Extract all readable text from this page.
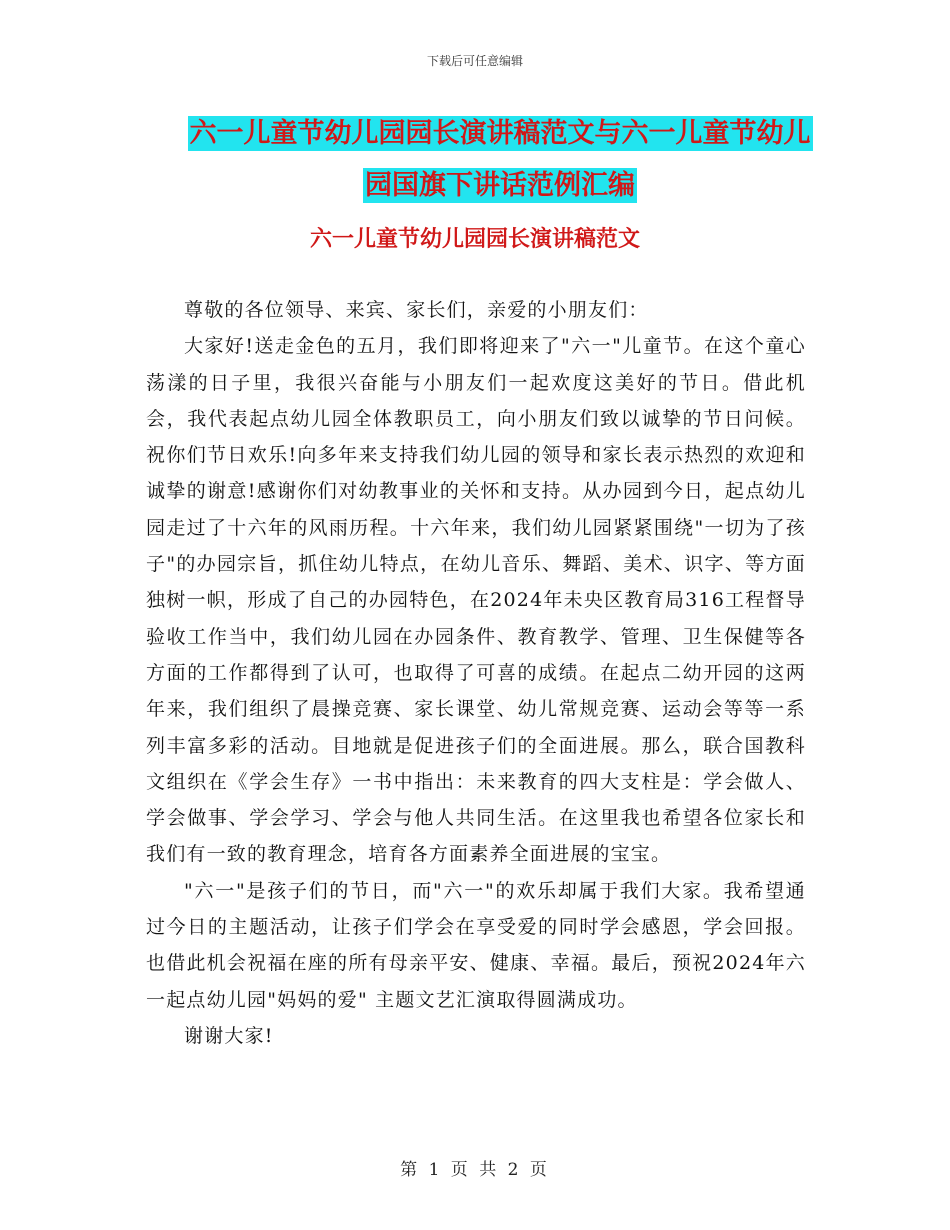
下载后可任意编辑
六一儿童节幼儿园园长演讲稿范文与六一儿童节幼儿
园国旗下讲话范例汇编
六一儿童节幼儿园园长演讲稿范文

尊敬的各位领导、来宾、家长们，亲爱的小朋友们：

大家好!送走金色的五月，我们即将迎来了"六一"儿童节。在这个童心荡漾的日子里，我很兴奋能与小朋友们一起欢度这美好的节日。借此机会，我代表起点幼儿园全体教职员工，向小朋友们致以诚挚的节日问候。祝你们节日欢乐!向多年来支持我们幼儿园的领导和家长表示热烈的欢迎和诚挚的谢意!感谢你们对幼教事业的关怀和支持。从办园到今日，起点幼儿园走过了十六年的风雨历程。十六年来，我们幼儿园紧紧围绕"一切为了孩子"的办园宗旨，抓住幼儿特点，在幼儿音乐、舞蹈、美术、识字、等方面独树一帜，形成了自己的办园特色，在2024年未央区教育局316工程督导验收工作当中，我们幼儿园在办园条件、教育教学、管理、卫生保健等各方面的工作都得到了认可，也取得了可喜的成绩。在起点二幼开园的这两年来，我们组织了晨操竞赛、家长课堂、幼儿常规竞赛、运动会等等一系列丰富多彩的活动。目地就是促进孩子们的全面进展。那么，联合国教科文组织在《学会生存》一书中指出：未来教育的四大支柱是：学会做人、学会做事、学会学习、学会与他人共同生活。在这里我也希望各位家长和我们有一致的教育理念，培育各方面素养全面进展的宝宝。

"六一"是孩子们的节日，而"六一"的欢乐却属于我们大家。我希望通过今日的主题活动，让孩子们学会在享受爱的同时学会感恩，学会回报。也借此机会祝福在座的所有母亲平安、健康、幸福。最后，预祝2024年六一起点幼儿园"妈妈的爱" 主题文艺汇演取得圆满成功。

谢谢大家!

第 1 页 共 2 页
